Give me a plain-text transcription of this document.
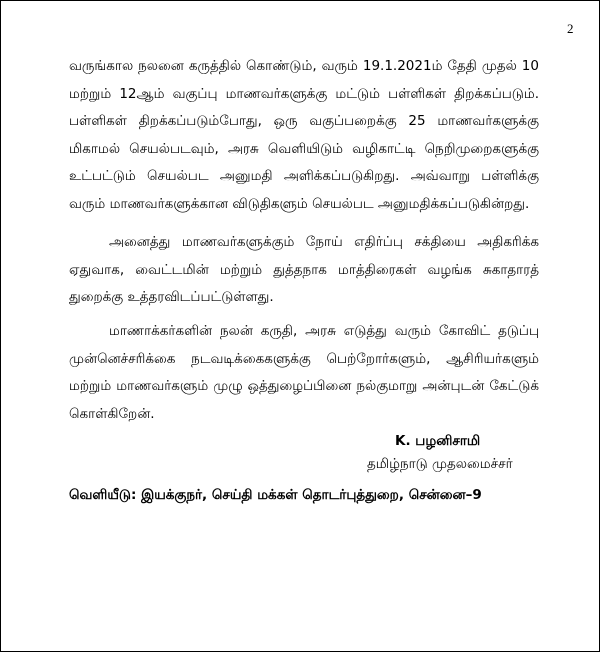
2

வருங்கால நலனை கருத்தில் கொண்டும், வரும் 19.1.2021ம் தேதி முதல் 10 மற்றும் 12ஆம் வகுப்பு மாணவர்களுக்கு மட்டும் பள்ளிகள் திறக்கப்படும். பள்ளிகள் திறக்கப்படும்போது, ஒரு வகுப்பறைக்கு 25 மாணவர்களுக்கு மிகாமல் செயல்படவும், அரசு வெளியிடும் வழிகாட்டி நெறிமுறைகளுக்கு உட்பட்டும் செயல்பட அனுமதி அளிக்கப்படுகிறது. அவ்வாறு பள்ளிக்கு வரும் மாணவர்களுக்கான விடுதிகளும் செயல்பட அனுமதிக்கப்படுகின்றது.

அனைத்து மாணவர்களுக்கும் நோய் எதிர்ப்பு சக்தியை அதிகரிக்க ஏதுவாக, வைட்டமின் மற்றும் துத்தநாக மாத்திரைகள் வழங்க சுகாதாரத் துறைக்கு உத்தரவிடப்பட்டுள்ளது.

மாணாக்கர்களின் நலன் கருதி, அரசு எடுத்து வரும் கோவிட் தடுப்பு முன்னெச்சரிக்கை நடவடிக்கைகளுக்கு பெற்றோர்களும், ஆசிரியர்களும் மற்றும் மாணவர்களும் முழு ஒத்துழைப்பினை நல்குமாறு அன்புடன் கேட்டுக் கொள்கிறேன்.

K. பழனிசாமி
தமிழ்நாடு முதலமைச்சர்

வெளியீடு: இயக்குநர், செய்தி மக்கள் தொடர்புத்துறை, சென்னை–9
